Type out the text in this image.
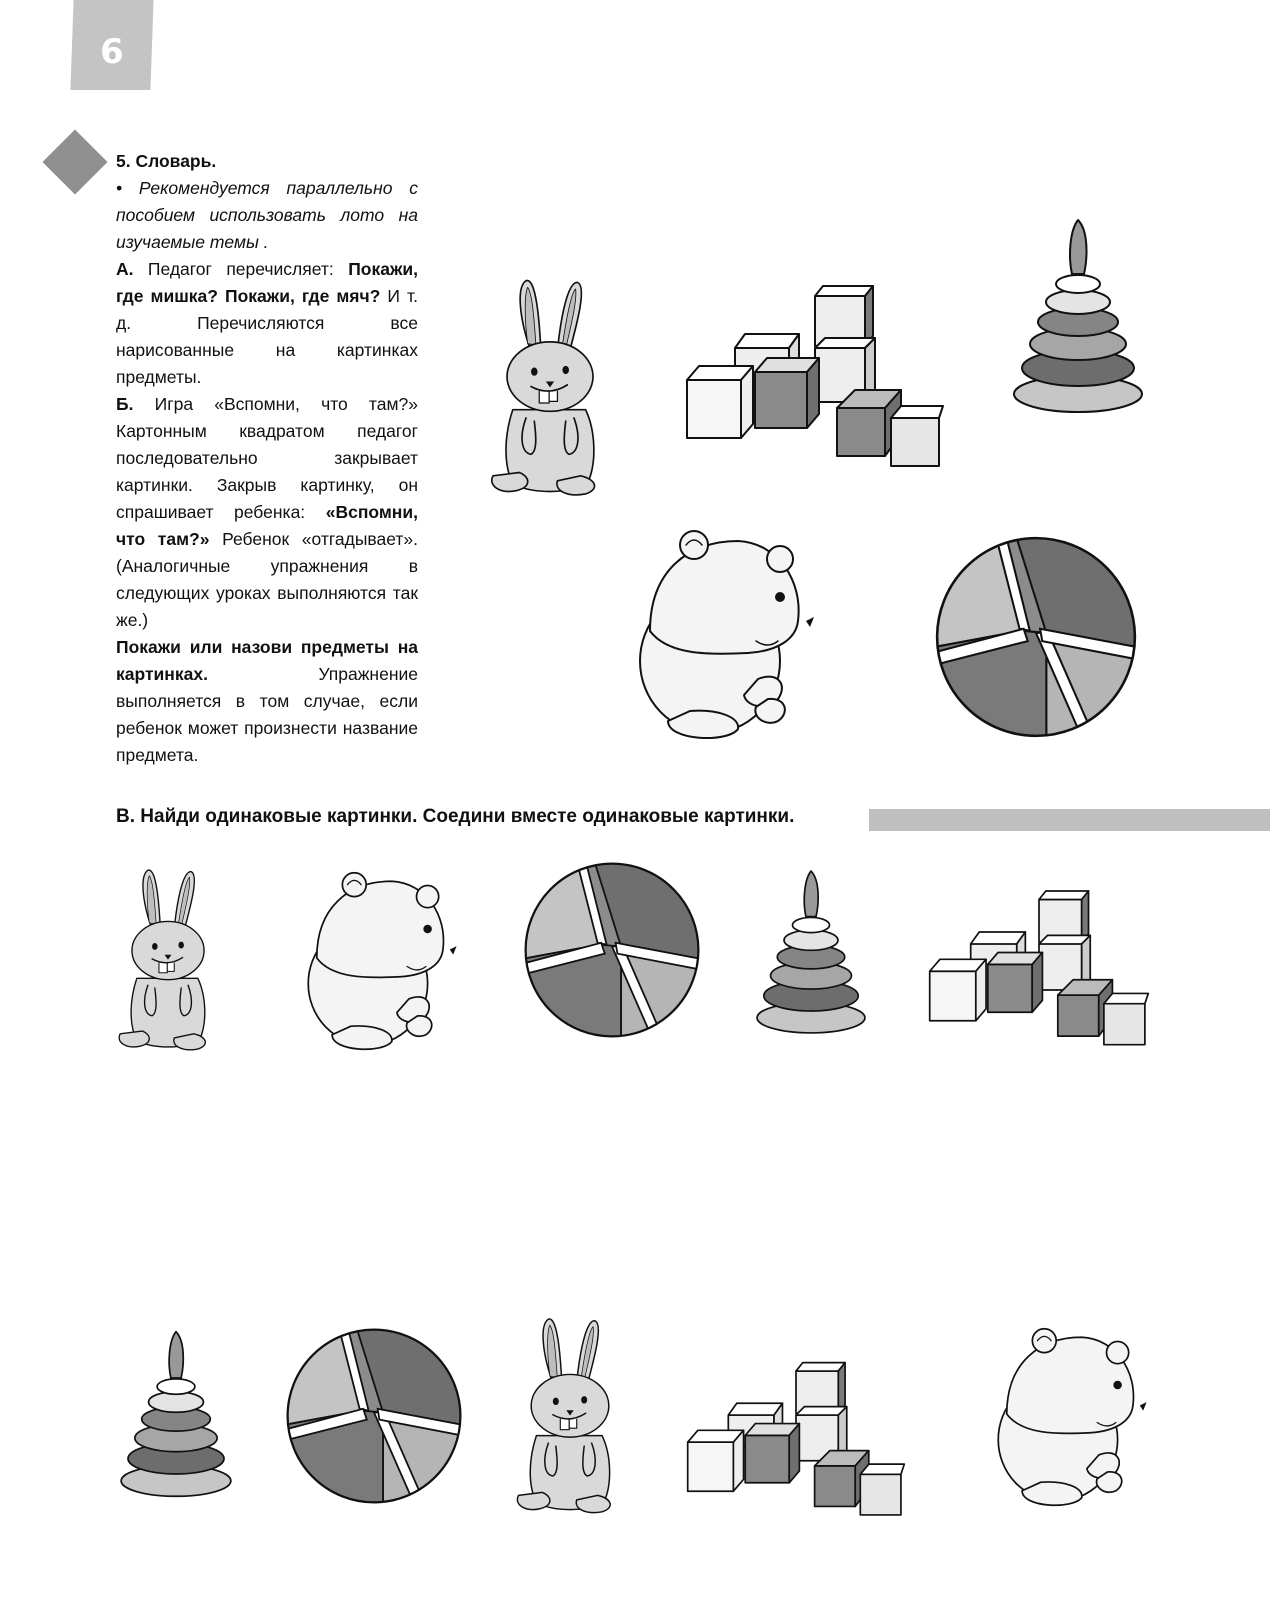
6

5. Словарь.

• Рекомендуется параллельно с пособием использовать лото на изучаемые темы .

А. Педагог перечисляет: Покажи, где мишка? Покажи, где мяч? И т. д. Перечисляются все нарисованные на картинках предметы.

Б. Игра «Вспомни, что там?» Картонным квадратом педагог последовательно закрывает картинки. Закрыв картинку, он спрашивает ребенка: «Вспомни, что там?» Ребенок «отгадывает». (Аналогичные упражнения в следующих уроках выполняются так же.)

Покажи или назови предметы на картинках.	Упражнение выполняется в том случае, если ребенок может произнести название предмета.

В. Найди одинаковые картинки. Соедини вместе одинаковые картинки.
